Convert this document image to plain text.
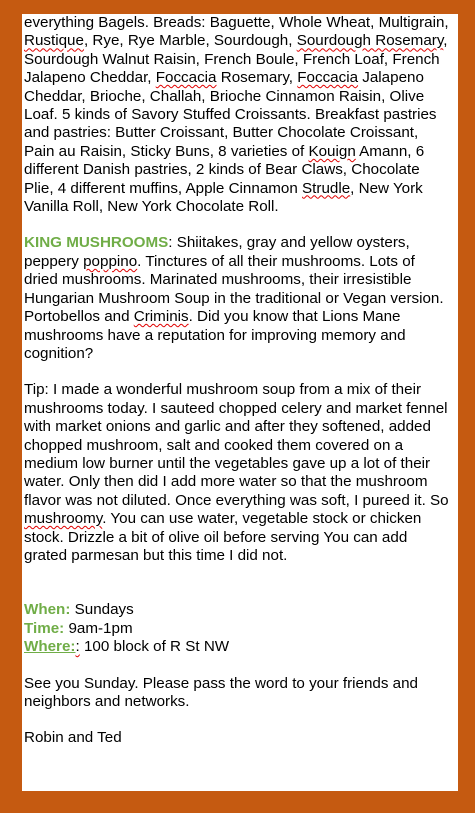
everything Bagels. Breads: Baguette, Whole Wheat, Multigrain, Rustique, Rye, Rye Marble, Sourdough, Sourdough Rosemary, Sourdough Walnut Raisin, French Boule, French Loaf, French Jalapeno Cheddar, Foccacia Rosemary, Foccacia Jalapeno Cheddar, Brioche, Challah, Brioche Cinnamon Raisin, Olive Loaf. 5 kinds of Savory Stuffed Croissants. Breakfast pastries and pastries: Butter Croissant, Butter Chocolate Croissant, Pain au Raisin, Sticky Buns, 8 varieties of Kouign Amann, 6 different Danish pastries, 2 kinds of Bear Claws, Chocolate Plie, 4 different muffins, Apple Cinnamon Strudle, New York Vanilla Roll, New York Chocolate Roll.

KING MUSHROOMS: Shiitakes, gray and yellow oysters, peppery poppino. Tinctures of all their mushrooms. Lots of dried mushrooms. Marinated mushrooms, their irresistible Hungarian Mushroom Soup in the traditional or Vegan version. Portobellos and Criminis. Did you know that Lions Mane mushrooms have a reputation for improving memory and cognition?

Tip: I made a wonderful mushroom soup from a mix of their mushrooms today. I sauteed chopped celery and market fennel with market onions and garlic and after they softened, added chopped mushroom, salt and cooked them covered on a medium low burner until the vegetables gave up a lot of their water. Only then did I add more water so that the mushroom flavor was not diluted. Once everything was soft, I pureed it. So mushroomy. You can use water, vegetable stock or chicken stock. Drizzle a bit of olive oil before serving You can add grated parmesan but this time I did not.

When: Sundays

Time: 9am-1pm

Where:: 100 block of R St NW

See you Sunday. Please pass the word to your friends and neighbors and networks.

Robin and Ted
